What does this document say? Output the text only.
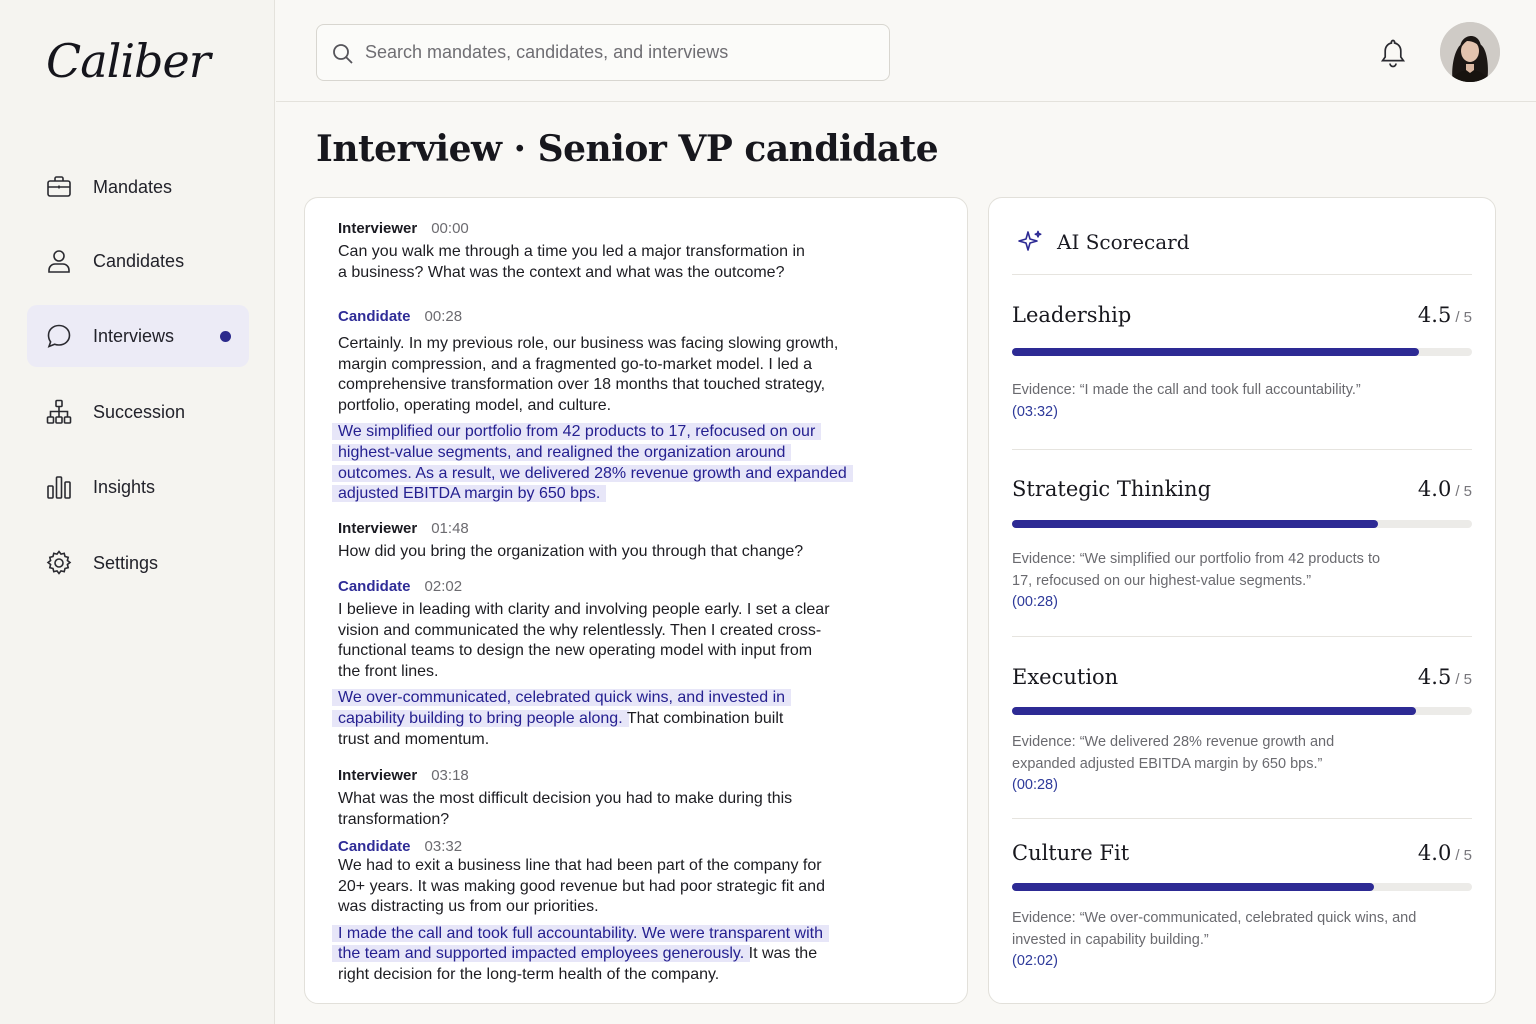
Caliber
Mandates
Candidates
Interviews
Succession
Insights
Settings
Search mandates, candidates, and interviews
Interview · Senior VP candidate
Interviewer 00:00
Can you walk me through a time you led a major transformation in a business? What was the context and what was the outcome?
Candidate 00:28
Certainly. In my previous role, our business was facing slowing growth, margin compression, and a fragmented go-to-market model. I led a comprehensive transformation over 18 months that touched strategy, portfolio, operating model, and culture.
We simplified our portfolio from 42 products to 17, refocused on our highest-value segments, and realigned the organization around outcomes. As a result, we delivered 28% revenue growth and expanded adjusted EBITDA margin by 650 bps.
Interviewer 01:48
How did you bring the organization with you through that change?
Candidate 02:02
I believe in leading with clarity and involving people early. I set a clear vision and communicated the why relentlessly. Then I created cross-functional teams to design the new operating model with input from the front lines.
We over-communicated, celebrated quick wins, and invested in capability building to bring people along. That combination built trust and momentum.
Interviewer 03:18
What was the most difficult decision you had to make during this transformation?
Candidate 03:32
We had to exit a business line that had been part of the company for 20+ years. It was making good revenue but had poor strategic fit and was distracting us from our priorities.
I made the call and took full accountability. We were transparent with the team and supported impacted employees generously. It was the right decision for the long-term health of the company.
AI Scorecard
Leadership	4.5 / 5
Evidence: “I made the call and took full accountability.”
(03:32)
Strategic Thinking	4.0 / 5
Evidence: “We simplified our portfolio from 42 products to 17, refocused on our highest-value segments.”
(00:28)
Execution	4.5 / 5
Evidence: “We delivered 28% revenue growth and expanded adjusted EBITDA margin by 650 bps.”
(00:28)
Culture Fit	4.0 / 5
Evidence: “We over-communicated, celebrated quick wins, and invested in capability building.”
(02:02)
